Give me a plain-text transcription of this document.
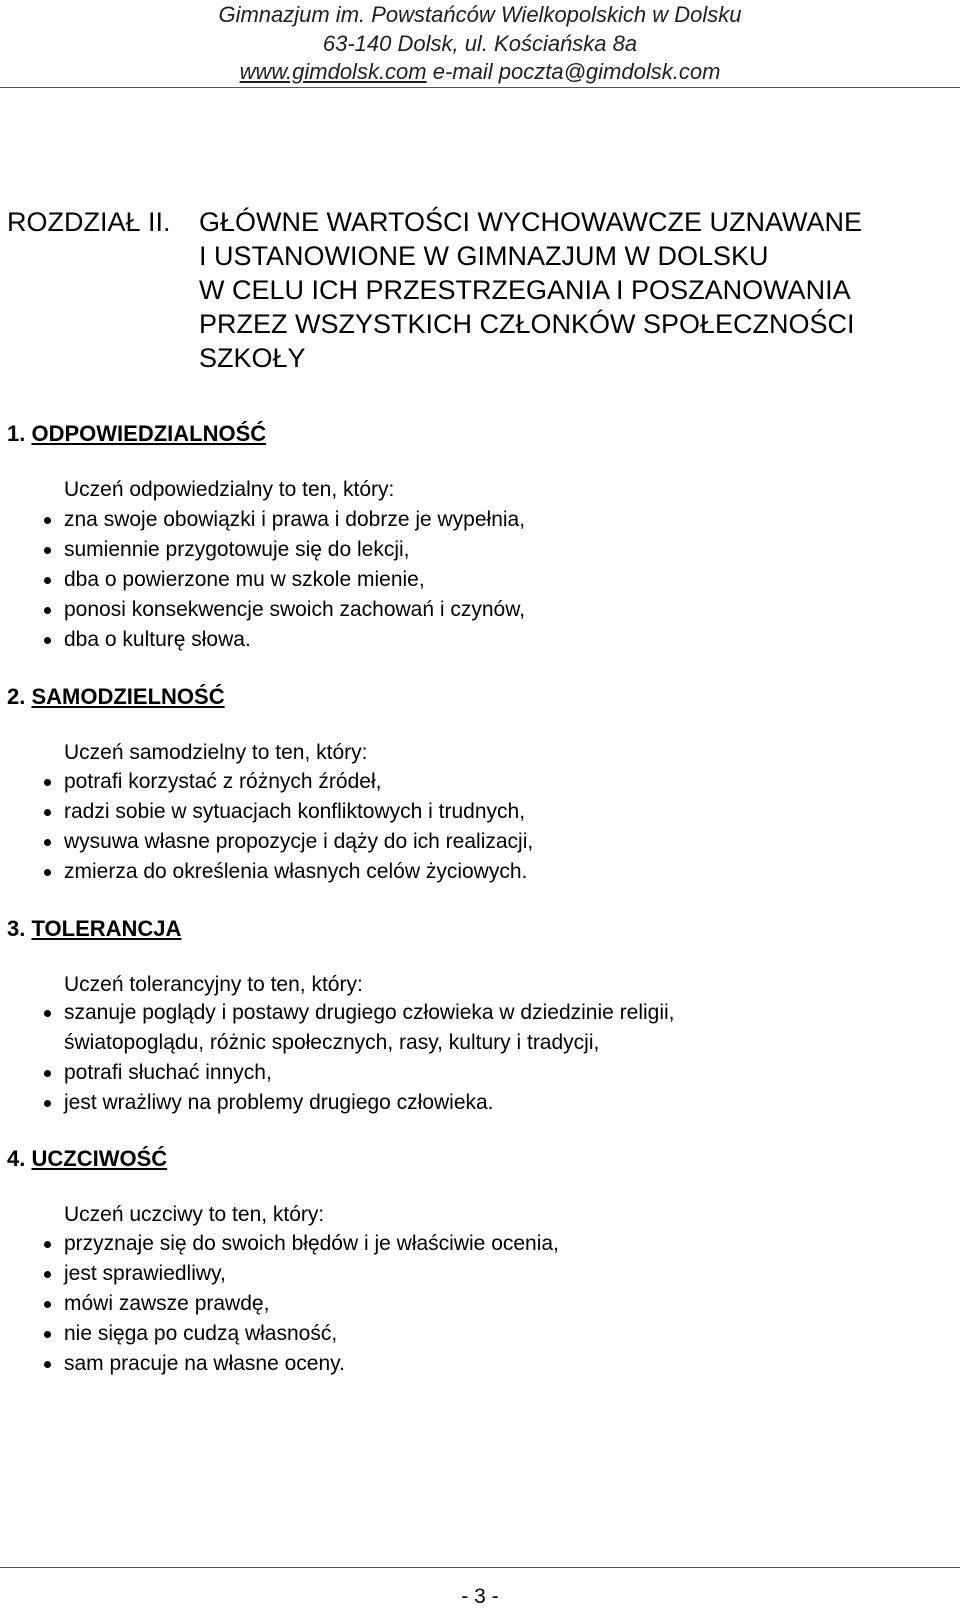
Gimnazjum im. Powstańców Wielkopolskich w Dolsku
63-140 Dolsk, ul. Kościańska 8a
www.gimdolsk.com e-mail poczta@gimdolsk.com
ROZDZIAŁ II. GŁÓWNE WARTOŚCI WYCHOWAWCZE UZNAWANE
I USTANOWIONE W GIMNAZJUM W DOLSKU
W CELU ICH PRZESTRZEGANIA I POSZANOWANIA
PRZEZ WSZYSTKICH CZŁONKÓW SPOŁECZNOŚCI
SZKOŁY
1. ODPOWIEDZIALNOŚĆ
Uczeń odpowiedzialny to ten, który:
zna swoje obowiązki i prawa i dobrze je wypełnia,
sumiennie przygotowuje się do lekcji,
dba o powierzone mu w szkole mienie,
ponosi konsekwencje swoich zachowań i czynów,
dba o kulturę słowa.
2. SAMODZIELNOŚĆ
Uczeń samodzielny to ten, który:
potrafi korzystać z różnych źródeł,
radzi sobie w sytuacjach konfliktowych i trudnych,
wysuwa własne propozycje i dąży do ich realizacji,
zmierza do określenia własnych celów życiowych.
3. TOLERANCJA
Uczeń tolerancyjny to ten, który:
szanuje poglądy i postawy drugiego człowieka w dziedzinie religii,
światopoglądu, różnic społecznych, rasy, kultury i tradycji,
potrafi słuchać innych,
jest wrażliwy na problemy drugiego człowieka.
4. UCZCIWOŚĆ
Uczeń uczciwy to ten, który:
przyznaje się do swoich błędów i je właściwie ocenia,
jest sprawiedliwy,
mówi zawsze prawdę,
nie sięga po cudzą własność,
sam pracuje na własne oceny.
- 3 -
